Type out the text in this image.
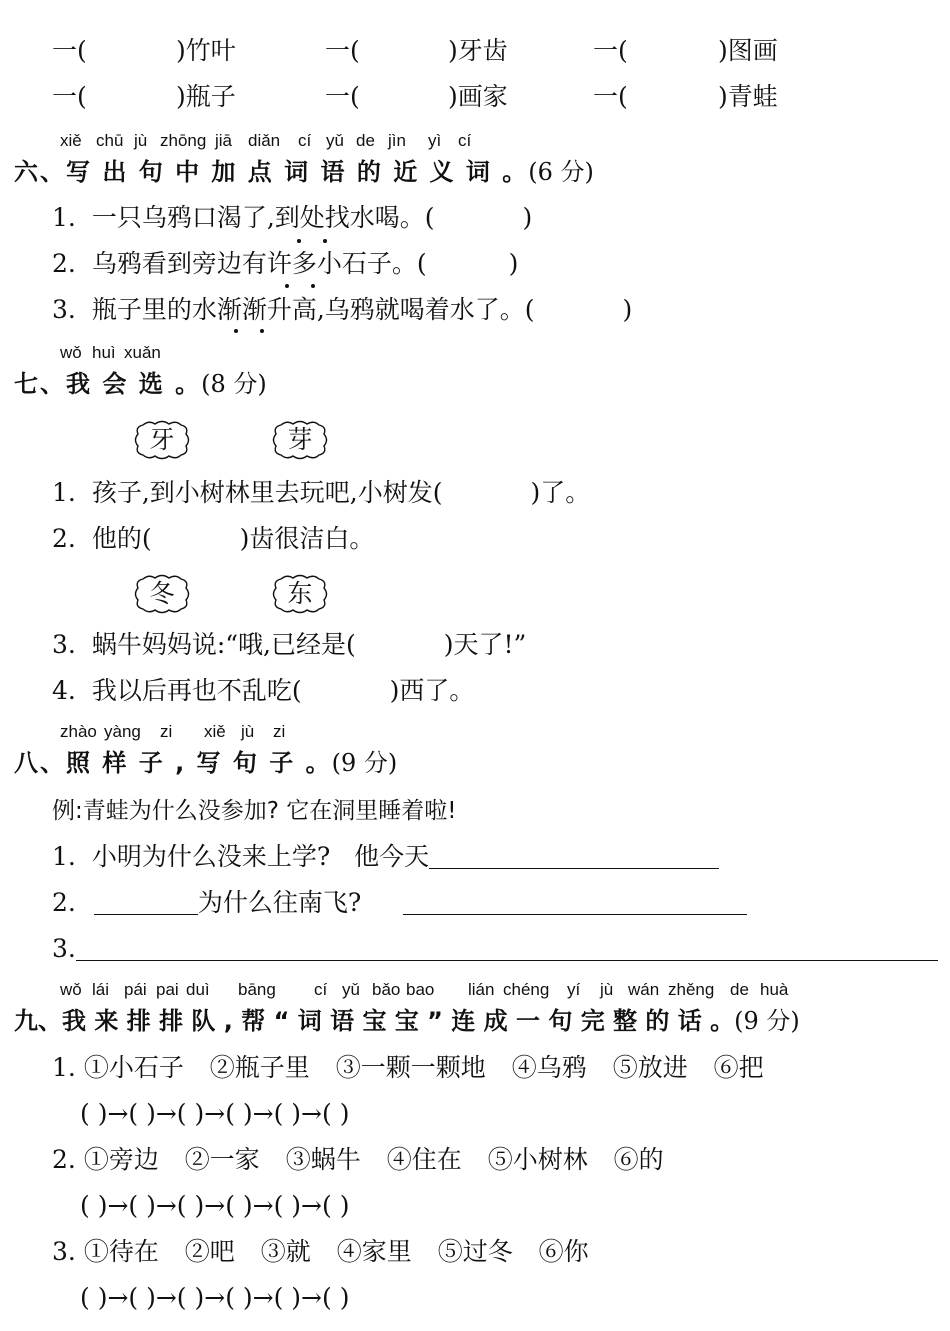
一(	)竹叶	一(	)牙齿	一(	)图画
一(	)瓶子	一(	)画家	一(	)青蛙
xiě chū jù zhōng jiā diǎn cí yǔ de jìn yì cí
六、写 出 句 中 加 点 词 语 的 近 义 词 。(6 分)
1. 一只乌鸦口渴了,到处找水喝。(	)
2. 乌鸦看到旁边有许多小石子。(	)
3. 瓶子里的水渐渐升高,乌鸦就喝着水了。(	)
wǒ huì xuǎn
七、我 会 选 。(8 分)
牙	芽
1. 孩子,到小树林里去玩吧,小树发(	)了。
2. 他的(	)齿很洁白。
冬	东
3. 蜗牛妈妈说:“哦,已经是(	)天了!”
4. 我以后再也不乱吃(	)西了。
zhào yàng zi xiě jù zi
八、照 样 子 , 写 句 子 。(9 分)
例:青蛙为什么没参加? 它在洞里睡着啦!
1. 小明为什么没来上学? 他今天
2.	为什么往南飞?
3.
wǒ lái pái pai duì bāng cí yǔ bǎo bao lián chéng yí jù wán zhěng de huà
九、我 来 排 排 队 , 帮 “ 词 语 宝 宝 ” 连 成 一 句 完 整 的 话 。(9 分)
1. ①小石子 ②瓶子里 ③一颗一颗地 ④乌鸦 ⑤放进 ⑥把
( )→( )→( )→( )→( )→( )
2. ①旁边 ②一家 ③蜗牛 ④住在 ⑤小树林 ⑥的
( )→( )→( )→( )→( )→( )
3. ①待在 ②吧 ③就 ④家里 ⑤过冬 ⑥你
( )→( )→( )→( )→( )→( )
